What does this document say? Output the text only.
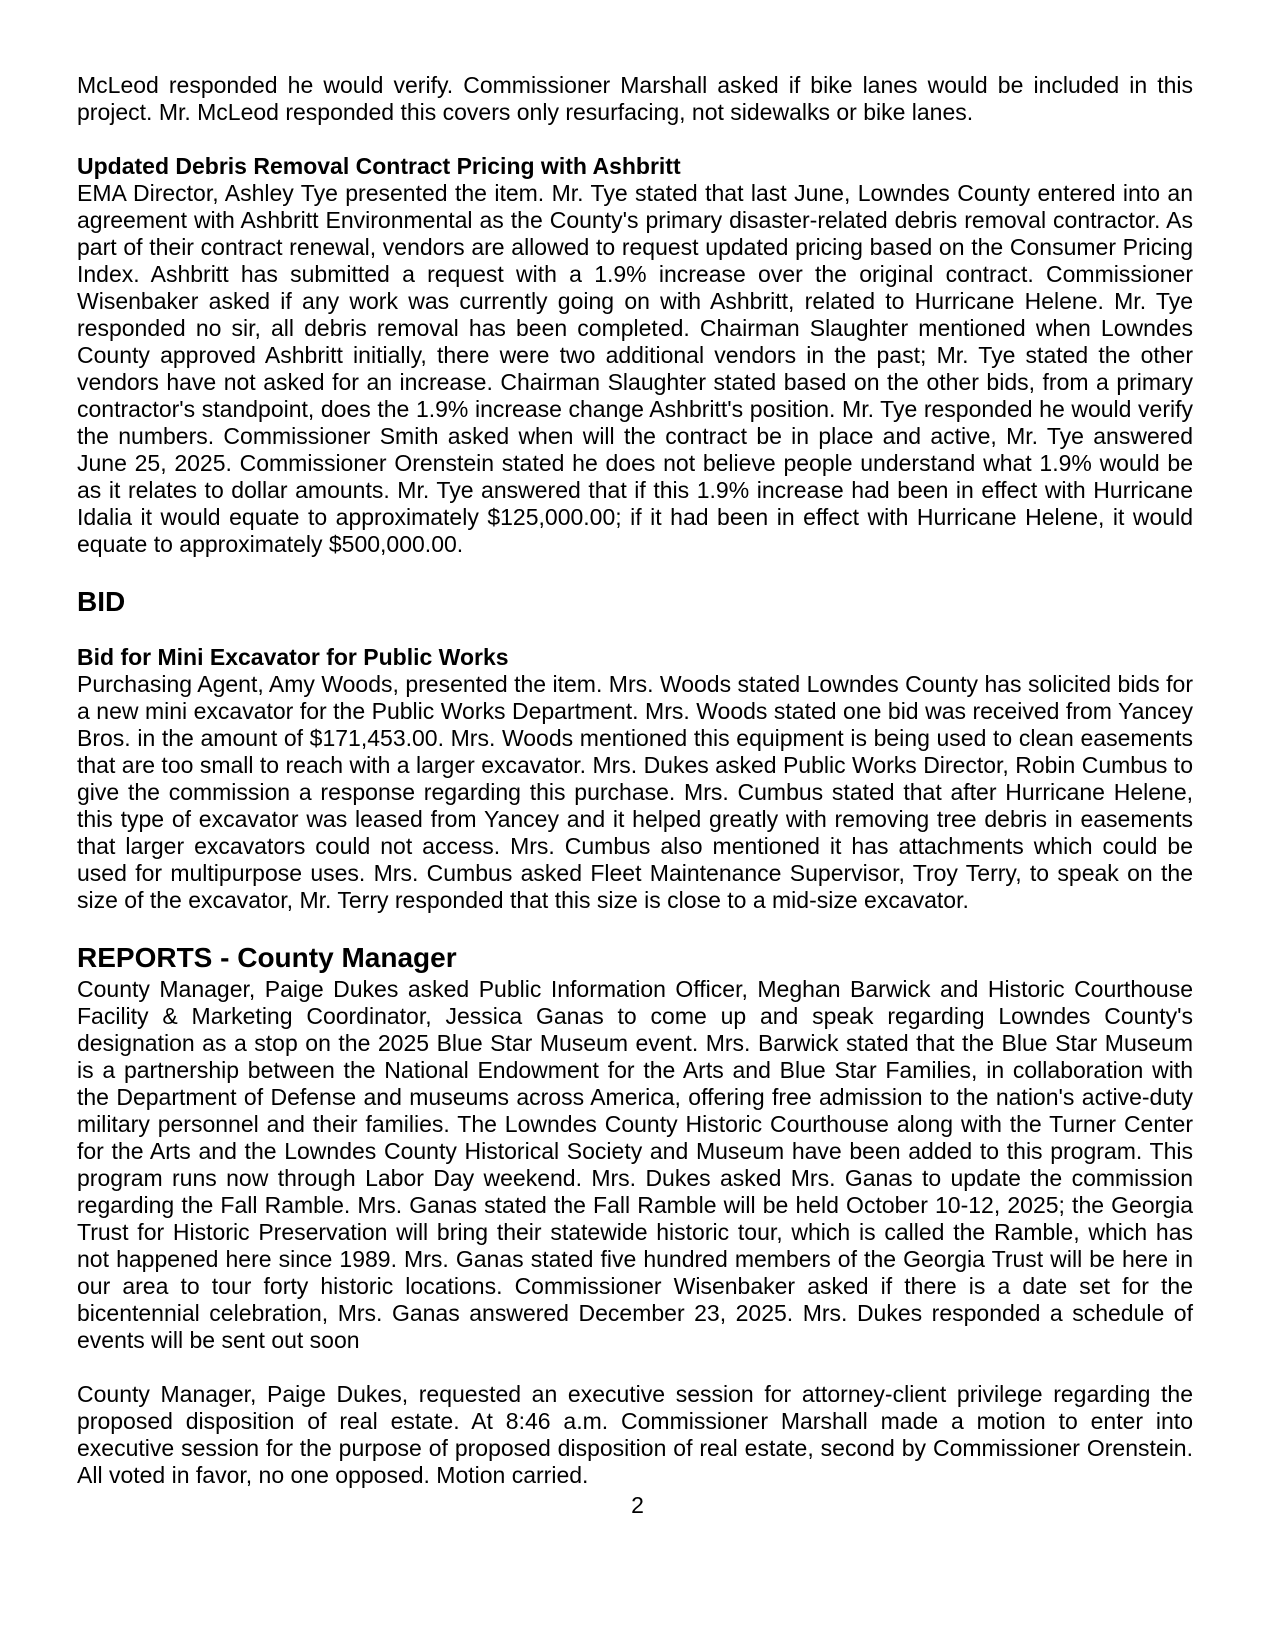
McLeod responded he would verify. Commissioner Marshall asked if bike lanes would be included in this project. Mr. McLeod responded this covers only resurfacing, not sidewalks or bike lanes.

Updated Debris Removal Contract Pricing with Ashbritt

EMA Director, Ashley Tye presented the item. Mr. Tye stated that last June, Lowndes County entered into an agreement with Ashbritt Environmental as the County's primary disaster-related debris removal contractor. As part of their contract renewal, vendors are allowed to request updated pricing based on the Consumer Pricing Index. Ashbritt has submitted a request with a 1.9% increase over the original contract. Commissioner Wisenbaker asked if any work was currently going on with Ashbritt, related to Hurricane Helene. Mr. Tye responded no sir, all debris removal has been completed. Chairman Slaughter mentioned when Lowndes County approved Ashbritt initially, there were two additional vendors in the past; Mr. Tye stated the other vendors have not asked for an increase. Chairman Slaughter stated based on the other bids, from a primary contractor's standpoint, does the 1.9% increase change Ashbritt's position. Mr. Tye responded he would verify the numbers. Commissioner Smith asked when will the contract be in place and active, Mr. Tye answered June 25, 2025. Commissioner Orenstein stated he does not believe people understand what 1.9% would be as it relates to dollar amounts. Mr. Tye answered that if this 1.9% increase had been in effect with Hurricane Idalia it would equate to approximately $125,000.00; if it had been in effect with Hurricane Helene, it would equate to approximately $500,000.00.

BID
Bid for Mini Excavator for Public Works

Purchasing Agent, Amy Woods, presented the item. Mrs. Woods stated Lowndes County has solicited bids for a new mini excavator for the Public Works Department. Mrs. Woods stated one bid was received from Yancey Bros. in the amount of $171,453.00. Mrs. Woods mentioned this equipment is being used to clean easements that are too small to reach with a larger excavator. Mrs. Dukes asked Public Works Director, Robin Cumbus to give the commission a response regarding this purchase. Mrs. Cumbus stated that after Hurricane Helene, this type of excavator was leased from Yancey and it helped greatly with removing tree debris in easements that larger excavators could not access. Mrs. Cumbus also mentioned it has attachments which could be used for multipurpose uses. Mrs. Cumbus asked Fleet Maintenance Supervisor, Troy Terry, to speak on the size of the excavator, Mr. Terry responded that this size is close to a mid-size excavator.

REPORTS - County Manager

County Manager, Paige Dukes asked Public Information Officer, Meghan Barwick and Historic Courthouse Facility & Marketing Coordinator, Jessica Ganas to come up and speak regarding Lowndes County's designation as a stop on the 2025 Blue Star Museum event. Mrs. Barwick stated that the Blue Star Museum is a partnership between the National Endowment for the Arts and Blue Star Families, in collaboration with the Department of Defense and museums across America, offering free admission to the nation's active-duty military personnel and their families. The Lowndes County Historic Courthouse along with the Turner Center for the Arts and the Lowndes County Historical Society and Museum have been added to this program. This program runs now through Labor Day weekend. Mrs. Dukes asked Mrs. Ganas to update the commission regarding the Fall Ramble. Mrs. Ganas stated the Fall Ramble will be held October 10-12, 2025; the Georgia Trust for Historic Preservation will bring their statewide historic tour, which is called the Ramble, which has not happened here since 1989. Mrs. Ganas stated five hundred members of the Georgia Trust will be here in our area to tour forty historic locations. Commissioner Wisenbaker asked if there is a date set for the bicentennial celebration, Mrs. Ganas answered December 23, 2025. Mrs. Dukes responded a schedule of events will be sent out soon

County Manager, Paige Dukes, requested an executive session for attorney-client privilege regarding the proposed disposition of real estate. At 8:46 a.m. Commissioner Marshall made a motion to enter into executive session for the purpose of proposed disposition of real estate, second by Commissioner Orenstein. All voted in favor, no one opposed. Motion carried.

2
